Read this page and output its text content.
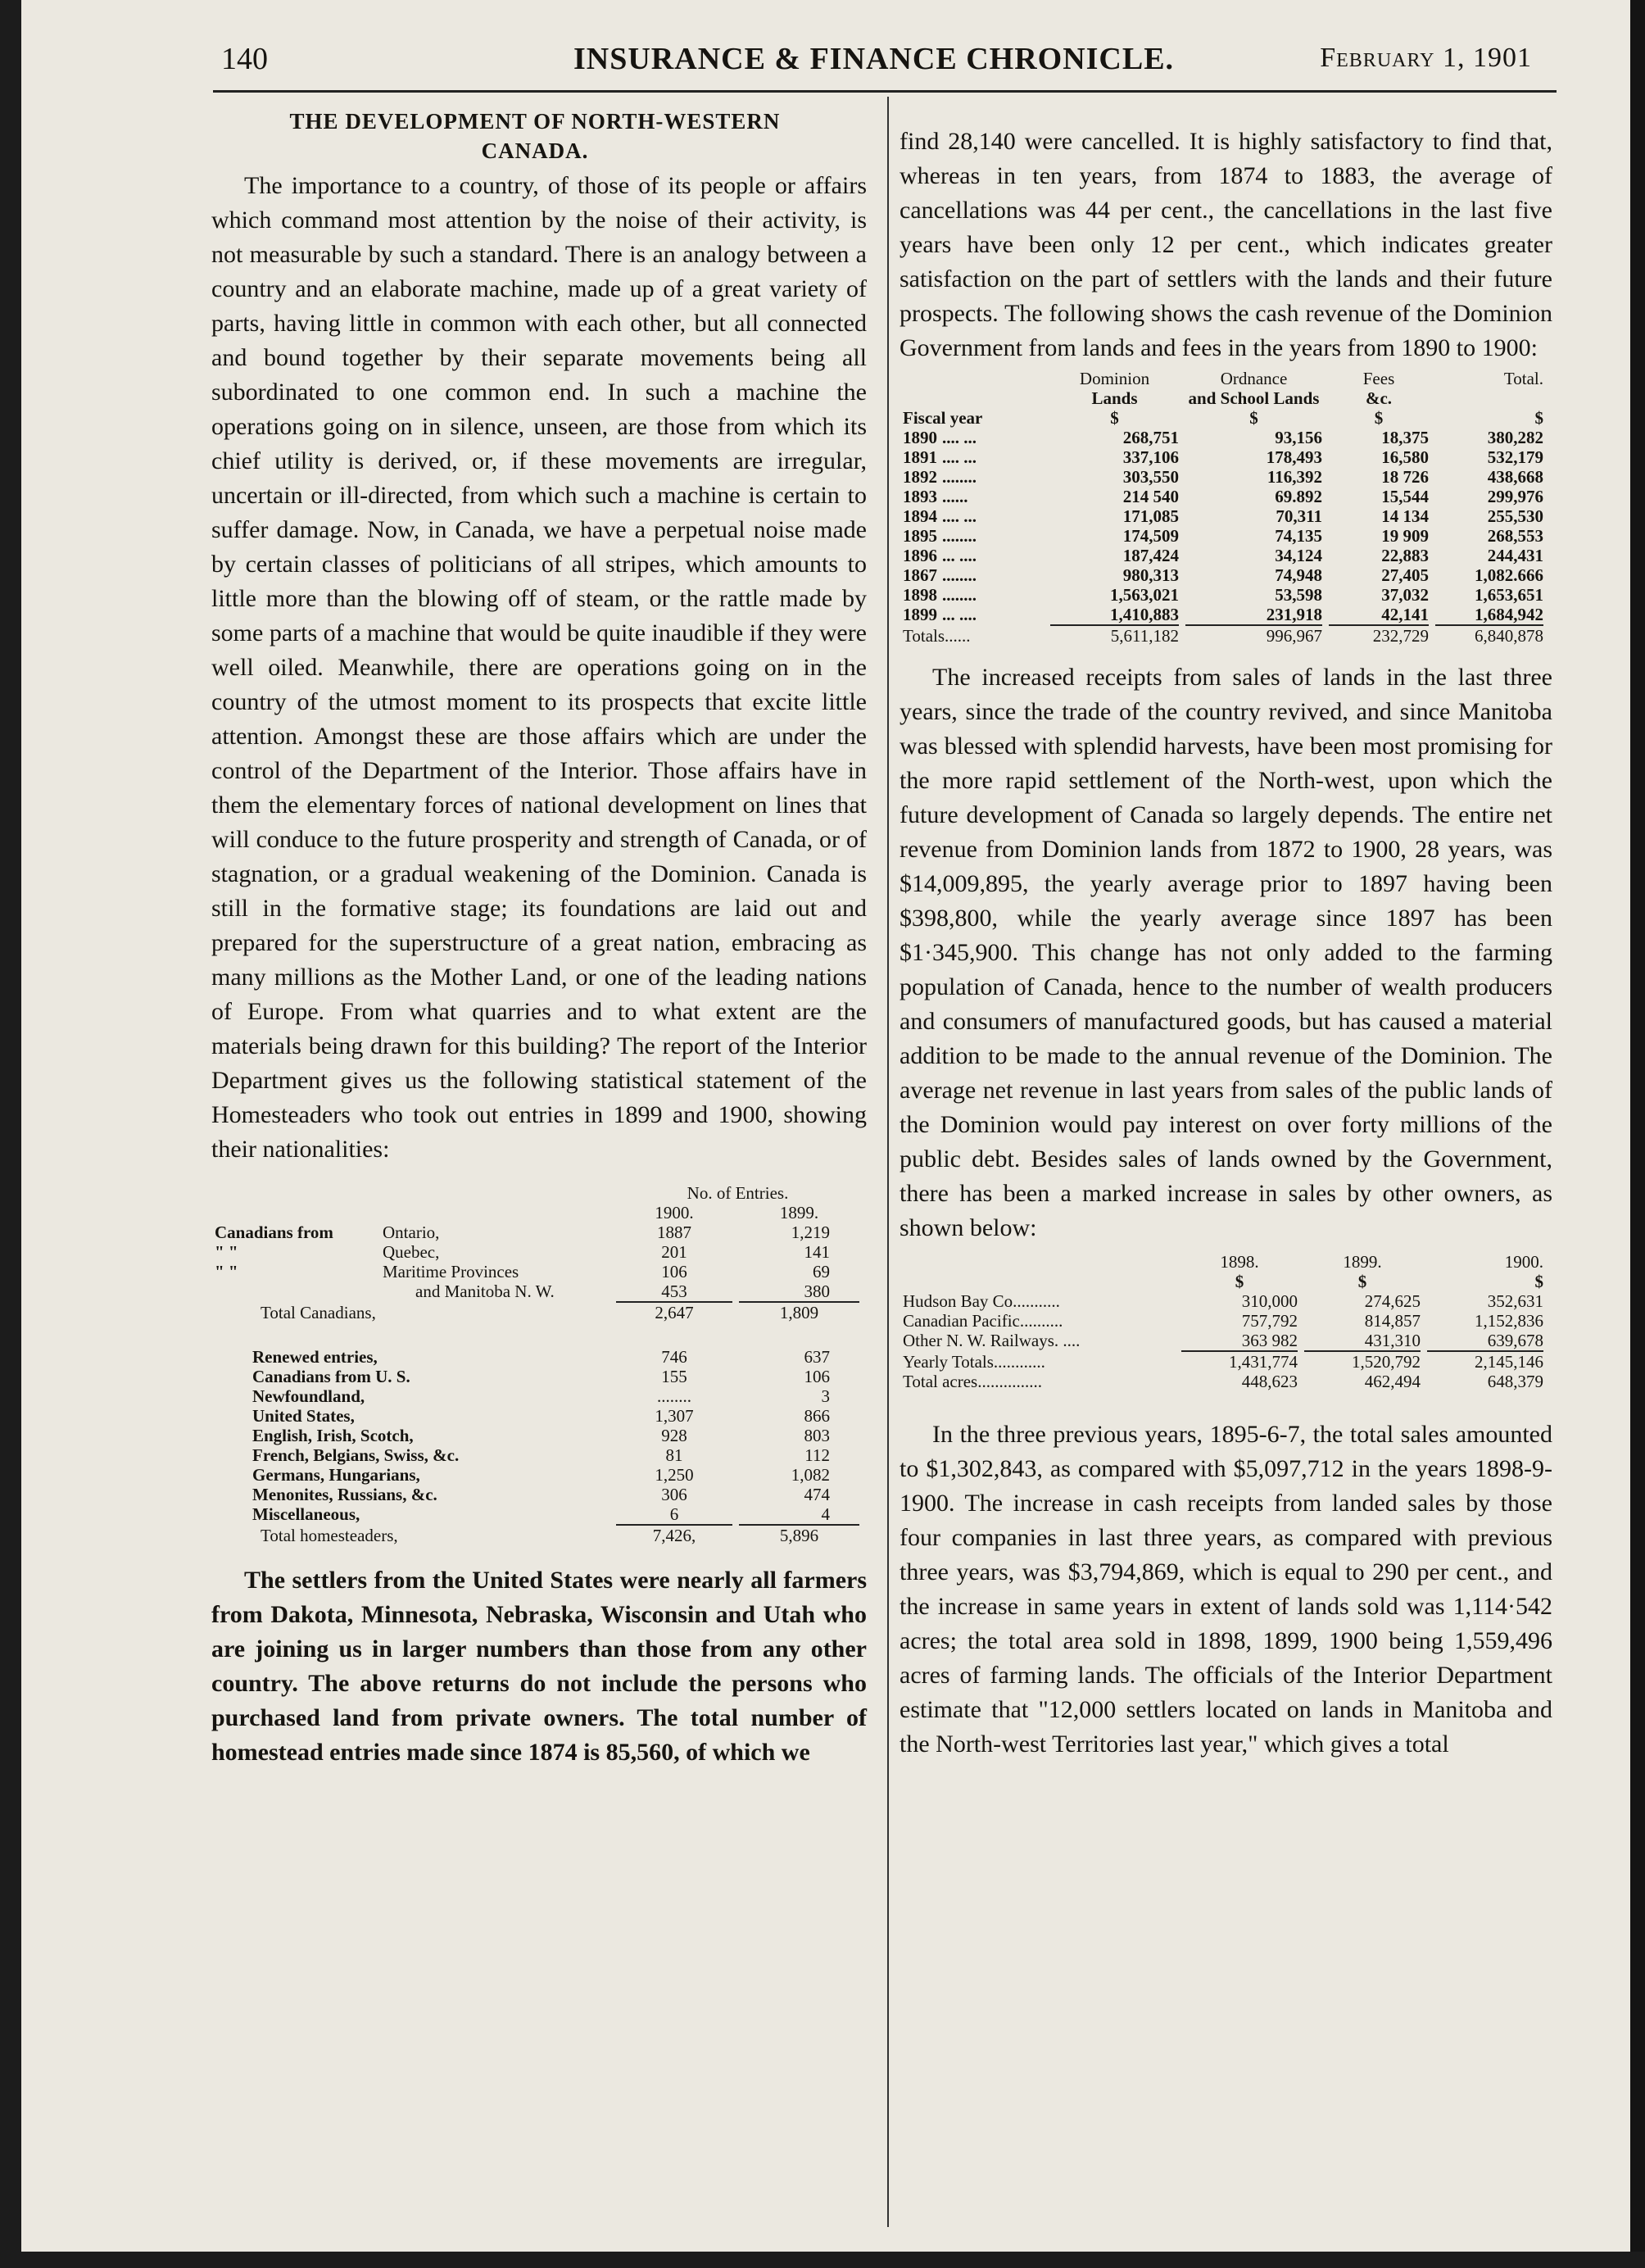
140	INSURANCE & FINANCE CHRONICLE.	February 1, 1901
THE DEVELOPMENT OF NORTH-WESTERN
CANADA.

The importance to a country, of those of its people or affairs which command most attention by the noise of their activity, is not measurable by such a standard. There is an analogy between a country and an elaborate machine, made up of a great variety of parts, having little in common with each other, but all connected and bound together by their separate movements being all subordinated to one common end. In such a machine the operations going on in silence, unseen, are those from which its chief utility is derived, or, if these movements are irregular, uncertain or ill-directed, from which such a machine is certain to suffer damage. Now, in Canada, we have a perpetual noise made by certain classes of politicians of all stripes, which amounts to little more than the blowing off of steam, or the rattle made by some parts of a machine that would be quite inaudible if they were well oiled. Meanwhile, there are operations going on in the country of the utmost moment to its prospects that excite little attention. Amongst these are those affairs which are under the control of the Department of the Interior. Those affairs have in them the elementary forces of national development on lines that will conduce to the future prosperity and strength of Canada, or of stagnation, or a gradual weakening of the Dominion. Canada is still in the formative stage; its foundations are laid out and prepared for the superstructure of a great nation, embracing as many millions as the Mother Land, or one of the leading nations of Europe. From what quarries and to what extent are the materials being drawn for this building? The report of the Interior Department gives us the following statistical statement of the Homesteaders who took out entries in 1899 and 1900, showing their nationalities:

	No. of Entries.	
	1900.	1899.
Canadians from Ontario,	1887	1,219
" " Quebec,	201	141
" " Maritime Provinces	106	69
and Manitoba N. W.	453	380

Total Canadians,	2,647	1,809

Renewed entries,	746	637
Canadians from U. S.	155	106
Newfoundland,	........	3
United States,	1,307	866
English, Irish, Scotch,	928	803
French, Belgians, Swiss, &c.	81	112
Germans, Hungarians,	1,250	1,082
Menonites, Russians, &c.	306	474
Miscellaneous,	6	4

Total homesteaders,	7,426,	5,896

The settlers from the United States were nearly all farmers from Dakota, Minnesota, Nebraska, Wisconsin and Utah who are joining us in larger numbers than those from any other country. The above returns do not include the persons who purchased land from private owners. The total number of homestead entries made since 1874 is 85,560, of which we

find 28,140 were cancelled. It is highly satisfactory to find that, whereas in ten years, from 1874 to 1883, the average of cancellations was 44 per cent., the cancellations in the last five years have been only 12 per cent., which indicates greater satisfaction on the part of settlers with the lands and their future prospects. The following shows the cash revenue of the Dominion Government from lands and fees in the years from 1890 to 1900:

	Dominion	Ordnance	Fees	Total.
	Lands	and School Lands	&c.	
Fiscal year	$	$	$	$
1890 .... ...	268,751	93,156	18,375	380,282
1891 .... ...	337,106	178,493	16,580	532,179
1892 ........	303,550	116,392	18 726	438,668
1893 ......	214 540	69.892	15,544	299,976
1894 .... ...	171,085	70,311	14 134	255,530
1895 ........	174,509	74,135	19 909	268,553
1896 ... ....	187,424	34,124	22,883	244,431
1867 ........	980,313	74,948	27,405	1,082.666
1898 ........	1,563,021	53,598	37,032	1,653,651
1899 ... ....	1,410,883	231,918	42,141	1,684,942

Totals......	5,611,182	996,967	232,729	6,840,878

The increased receipts from sales of lands in the last three years, since the trade of the country revived, and since Manitoba was blessed with splendid harvests, have been most promising for the more rapid settlement of the North-west, upon which the future development of Canada so largely depends. The entire net revenue from Dominion lands from 1872 to 1900, 28 years, was $14,009,895, the yearly average prior to 1897 having been $398,800, while the yearly average since 1897 has been $1·345,900. This change has not only added to the farming population of Canada, hence to the number of wealth producers and consumers of manufactured goods, but has caused a material addition to be made to the annual revenue of the Dominion. The average net revenue in last years from sales of the public lands of the Dominion would pay interest on over forty millions of the public debt. Besides sales of lands owned by the Government, there has been a marked increase in sales by other owners, as shown below:

	1898.	1899.	1900.
	$	$	$
Hudson Bay Co...........	310,000	274,625	352,631
Canadian Pacific..........	757,792	814,857	1,152,836
Other N. W. Railways. ....	363 982	431,310	639,678

Yearly Totals............	1,431,774	1,520,792	2,145,146
Total acres...............	448,623	462,494	648,379

In the three previous years, 1895-6-7, the total sales amounted to $1,302,843, as compared with $5,097,712 in the years 1898-9-1900. The increase in cash receipts from landed sales by those four companies in last three years, as compared with previous three years, was $3,794,869, which is equal to 290 per cent., and the increase in same years in extent of lands sold was 1,114·542 acres; the total area sold in 1898, 1899, 1900 being 1,559,496 acres of farming lands. The officials of the Interior Department estimate that "12,000 settlers located on lands in Manitoba and the North-west Territories last year," which gives a total
